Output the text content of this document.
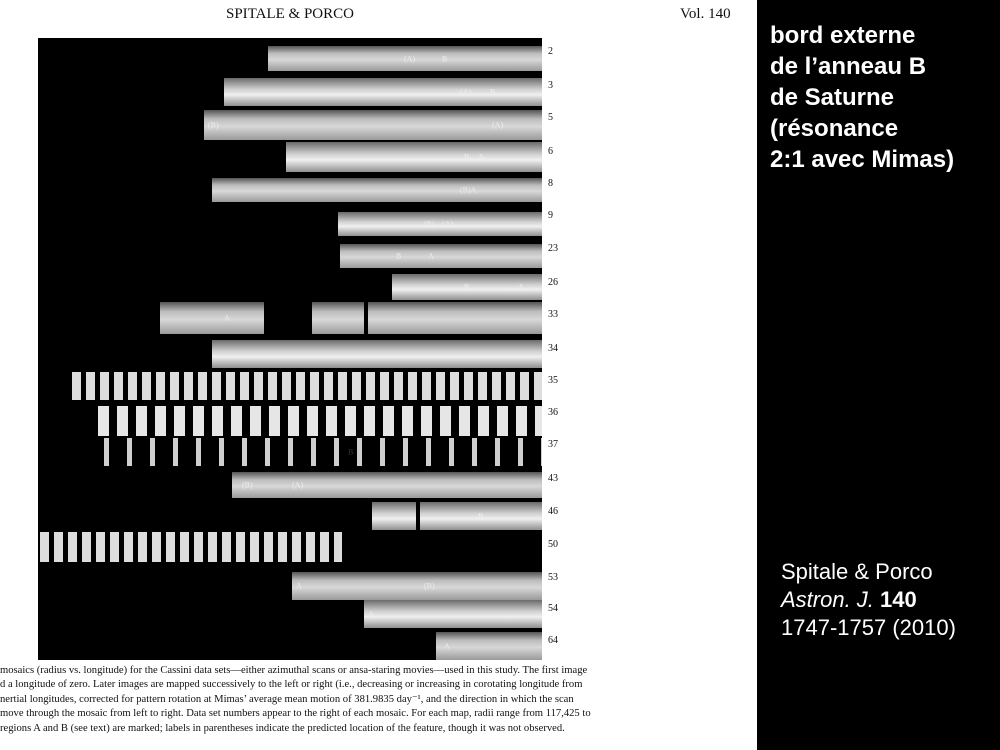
SPITALE & PORCO	Vol. 140
(A)	B
(A) B
(B)	(A)
B A
(B)A
(B) (A)
B	A
B	A
A
B
(B)	(A)
B
A	(B)
A
A
2
3
5
6
8
9
23
26
33
34
35
36
37
43
46
50
53
54
64
mosaics (radius vs. longitude) for the Cassini data sets—either azimuthal scans or ansa-staring movies—used in this study. The first image
d a longitude of zero. Later images are mapped successively to the left or right (i.e., decreasing or increasing in corotating longitude from
nertial longitudes, corrected for pattern rotation at Mimas’ average mean motion of 381.9835 day⁻¹, and the direction in which the scan
move through the mosaic from left to right. Data set numbers appear to the right of each mosaic. For each map, radii range from 117,425 to
regions A and B (see text) are marked; labels in parentheses indicate the predicted location of the feature, though it was not observed.
bord externe
de l’anneau B
de Saturne
(résonance
2:1 avec Mimas)
Spitale & Porco
Astron. J. 140
1747-1757 (2010)
